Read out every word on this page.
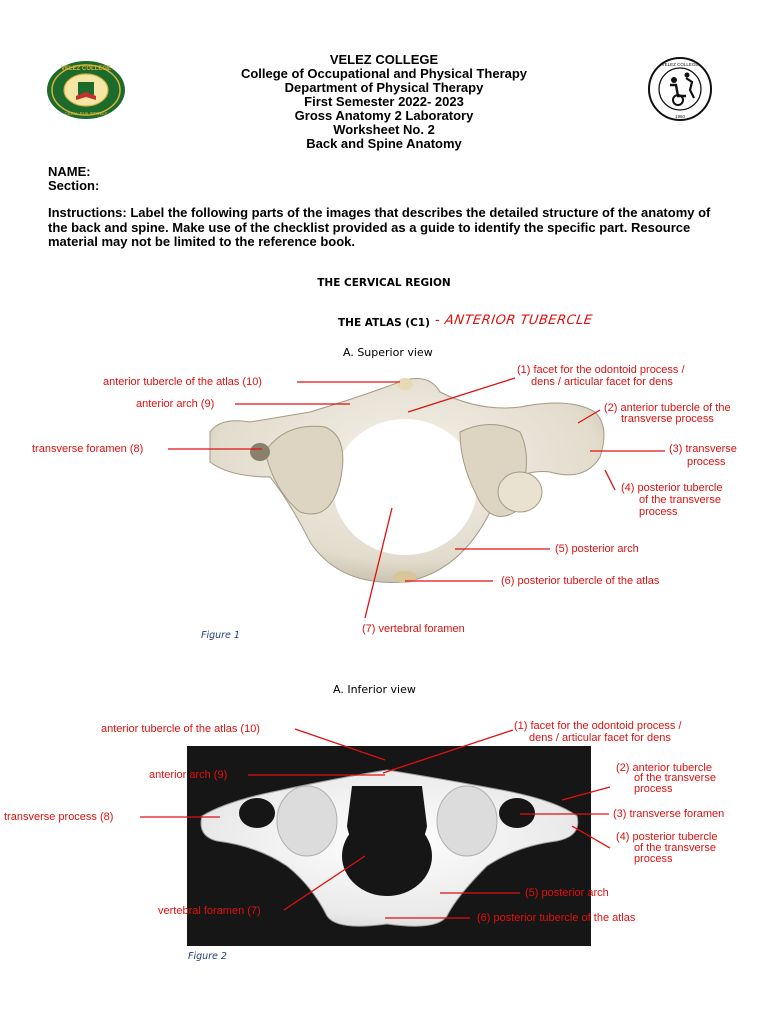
VELEZ COLLEGE
CEBU, PHILIPPINES
VELEZ COLLEGE
1960
VELEZ COLLEGE
College of Occupational and Physical Therapy
Department of Physical Therapy
First Semester 2022- 2023
Gross Anatomy 2 Laboratory
Worksheet No. 2
Back and Spine Anatomy
NAME:
Section:
Instructions: Label the following parts of the images that describes the detailed structure of the anatomy of the back and spine. Make use of the checklist provided as a guide to identify the specific part. Resource material may not be limited to the reference book.
THE CERVICAL REGION
THE ATLAS (C1) - ANTERIOR TUBERCLE
A. Superior view
anterior tubercle of the atlas (10)
anterior arch (9)
transverse foramen (8)
(1) facet for the odontoid process /
dens / articular facet for dens
(2) anterior tubercle of the
transverse process
(3) transverse
process
(4) posterior tubercle
of the transverse
process
(5) posterior arch
(6) posterior tubercle of the atlas
(7) vertebral foramen
Figure 1
A. Inferior view
anterior tubercle of the atlas (10)
anterior arch (9)
transverse process (8)
vertebral foramen (7)
(1) facet for the odontoid process /
dens / articular facet for dens
(2) anterior tubercle
of the transverse
process
(3) transverse foramen
(4) posterior tubercle
of the transverse
process
(5) posterior arch
(6) posterior tubercle of the atlas
Figure 2
